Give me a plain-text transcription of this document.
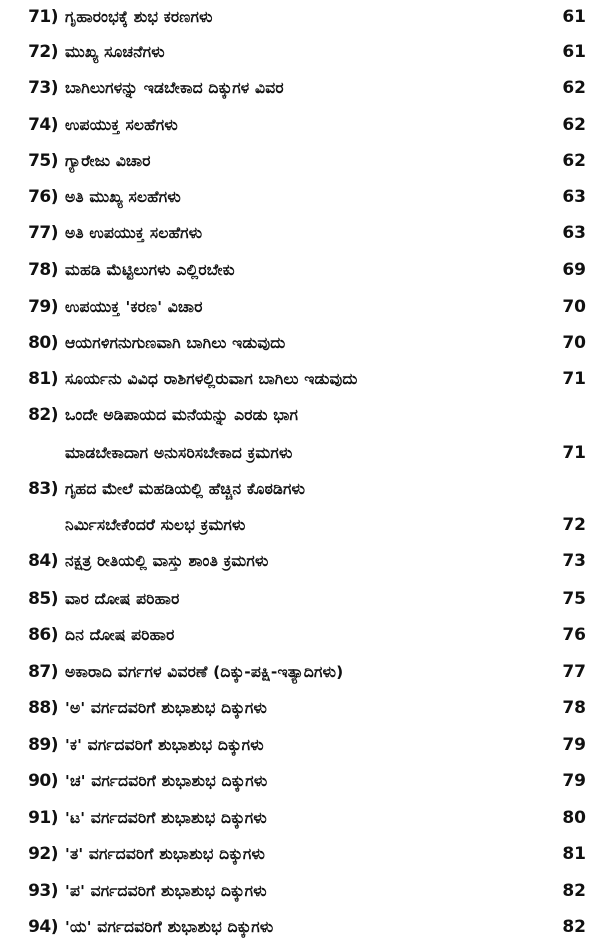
71) ಗೃಹಾರಂಭಕ್ಕೆ ಶುಭ ಕರಣಗಳು	61
72) ಮುಖ್ಯ ಸೂಚನೆಗಳು	61
73) ಬಾಗಿಲುಗಳನ್ನು ಇಡಬೇಕಾದ ದಿಕ್ಕುಗಳ ವಿವರ	62
74) ಉಪಯುಕ್ತ ಸಲಹೆಗಳು	62
75) ಗ್ಯಾರೇಜು ವಿಚಾರ	62
76) ಅತಿ ಮುಖ್ಯ ಸಲಹೆಗಳು	63
77) ಅತಿ ಉಪಯುಕ್ತ ಸಲಹೆಗಳು	63
78) ಮಹಡಿ ಮೆಟ್ಟಿಲುಗಳು ಎಲ್ಲಿರಬೇಕು	69
79) ಉಪಯುಕ್ತ 'ಕರಣ' ವಿಚಾರ	70
80) ಆಯಗಳಿಗನುಗುಣವಾಗಿ ಬಾಗಿಲು ಇಡುವುದು	70
81) ಸೂರ್ಯನು ವಿವಿಧ ರಾಶಿಗಳಲ್ಲಿರುವಾಗ ಬಾಗಿಲು ಇಡುವುದು	71
82) ಒಂದೇ ಅಡಿಪಾಯದ ಮನೆಯನ್ನು ಎರಡು ಭಾಗ
ಮಾಡಬೇಕಾದಾಗ ಅನುಸರಿಸಬೇಕಾದ ಕ್ರಮಗಳು	71
83) ಗೃಹದ ಮೇಲೆ ಮಹಡಿಯಲ್ಲಿ ಹೆಚ್ಚಿನ ಕೊಠಡಿಗಳು
ನಿರ್ಮಿಸಬೇಕೆಂದರೆ ಸುಲಭ ಕ್ರಮಗಳು	72
84) ನಕ್ಷತ್ರ ರೀತಿಯಲ್ಲಿ ವಾಸ್ತು ಶಾಂತಿ ಕ್ರಮಗಳು	73
85) ವಾರ ದೋಷ ಪರಿಹಾರ	75
86) ದಿನ ದೋಷ ಪರಿಹಾರ	76
87) ಅಕಾರಾದಿ ವರ್ಗಗಳ ವಿವರಣೆ (ದಿಕ್ಕು-ಪಕ್ಷಿ-ಇತ್ಯಾದಿಗಳು)	77
88) 'ಅ' ವರ್ಗದವರಿಗೆ ಶುಭಾಶುಭ ದಿಕ್ಕುಗಳು	78
89) 'ಕ' ವರ್ಗದವರಿಗೆ ಶುಭಾಶುಭ ದಿಕ್ಕುಗಳು	79
90) 'ಚ' ವರ್ಗದವರಿಗೆ ಶುಭಾಶುಭ ದಿಕ್ಕುಗಳು	79
91) 'ಟ' ವರ್ಗದವರಿಗೆ ಶುಭಾಶುಭ ದಿಕ್ಕುಗಳು	80
92) 'ತ' ವರ್ಗದವರಿಗೆ ಶುಭಾಶುಭ ದಿಕ್ಕುಗಳು	81
93) 'ಪ' ವರ್ಗದವರಿಗೆ ಶುಭಾಶುಭ ದಿಕ್ಕುಗಳು	82
94) 'ಯ' ವರ್ಗದವರಿಗೆ ಶುಭಾಶುಭ ದಿಕ್ಕುಗಳು	82
